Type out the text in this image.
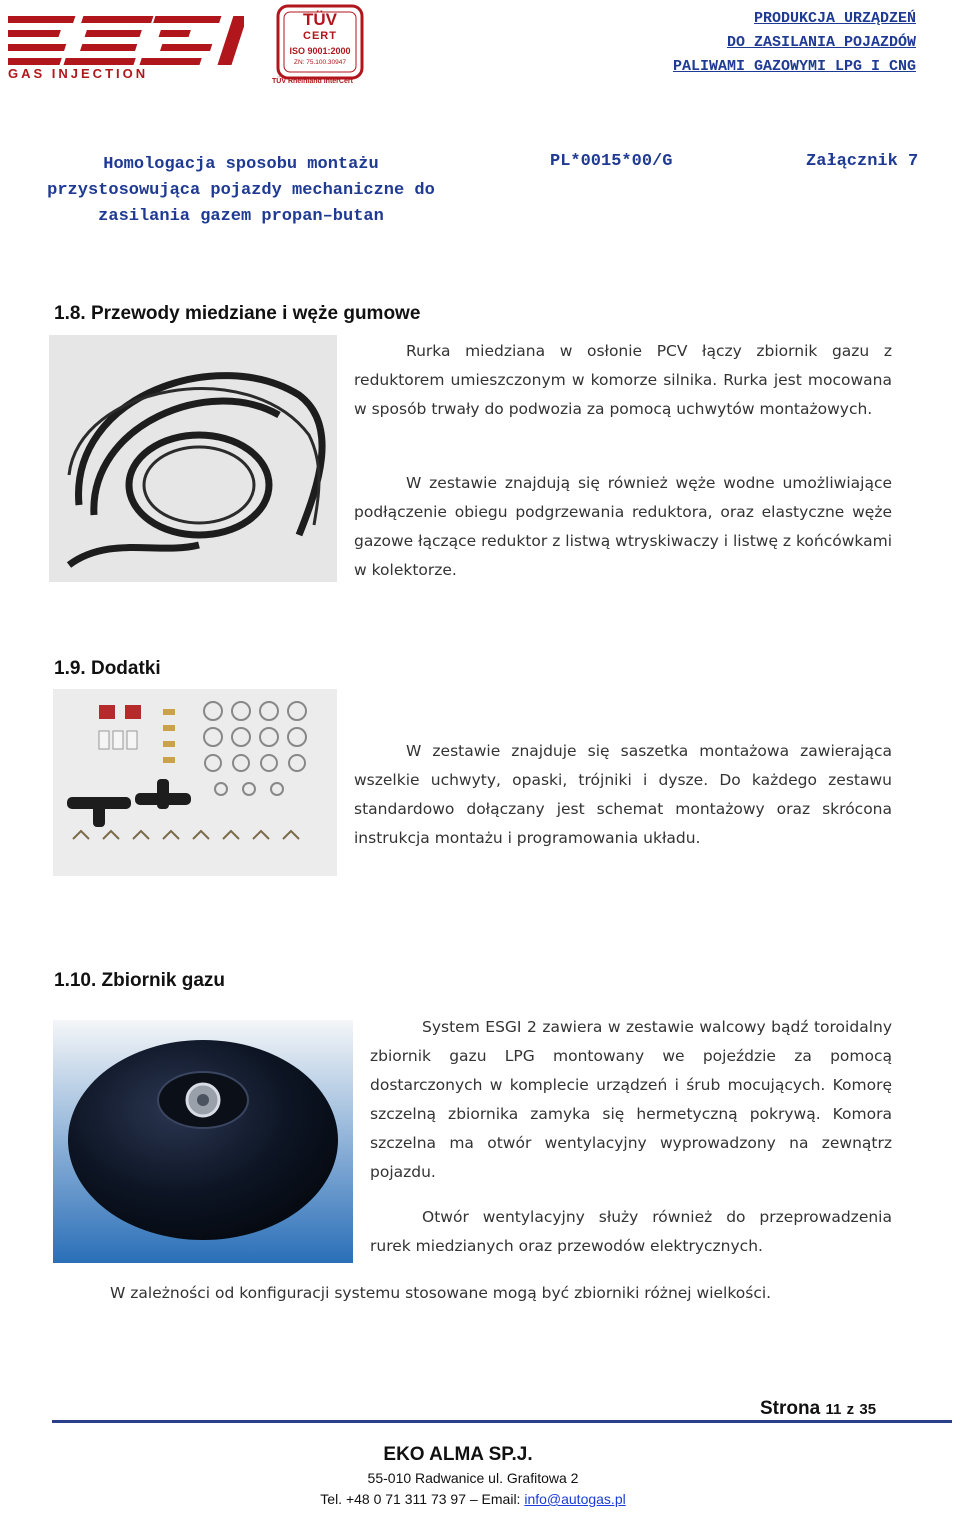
GAS INJECTION
TÜV
CERT
ISO 9001:2000
ZN: 75.100.30947
TÜV Rheinland InterCert
PRODUKCJA URZĄDZEŃ
DO ZASILANIA POJAZDÓW
PALIWAMI GAZOWYMI LPG I CNG
Homologacja sposobu montażu
przystosowująca pojazdy mechaniczne do
zasilania gazem propan–butan
PL*0015*00/G	Załącznik 7
1.8. Przewody miedziane i węże gumowe
Rurka miedziana w osłonie PCV łączy zbiornik gazu z reduktorem umieszczonym w komorze silnika. Rurka jest mocowana w sposób trwały do podwozia za pomocą uchwytów montażowych.
W zestawie znajdują się również węże wodne umożliwiające podłączenie obiegu podgrzewania reduktora, oraz elastyczne węże gazowe łączące reduktor z listwą wtryskiwaczy i listwę z końcówkami w kolektorze.
1.9. Dodatki
W zestawie znajduje się saszetka montażowa zawierająca wszelkie uchwyty, opaski, trójniki i dysze. Do każdego zestawu standardowo dołączany jest schemat montażowy oraz skrócona instrukcja montażu i programowania układu.
1.10. Zbiornik gazu
System ESGI 2 zawiera w zestawie walcowy bądź toroidalny zbiornik gazu LPG montowany we pojeździe za pomocą dostarczonych w komplecie urządzeń i śrub mocujących. Komorę szczelną zbiornika zamyka się hermetyczną pokrywą. Komora szczelna ma otwór wentylacyjny wyprowadzony na zewnątrz pojazdu.
Otwór wentylacyjny służy również do przeprowadzenia rurek miedzianych oraz przewodów elektrycznych.
W zależności od konfiguracji systemu stosowane mogą być zbiorniki różnej wielkości.
Strona 11 z 35
EKO ALMA SP.J.
55-010 Radwanice ul. Grafitowa 2
Tel. +48 0 71 311 73 97 – Email: info@autogas.pl
